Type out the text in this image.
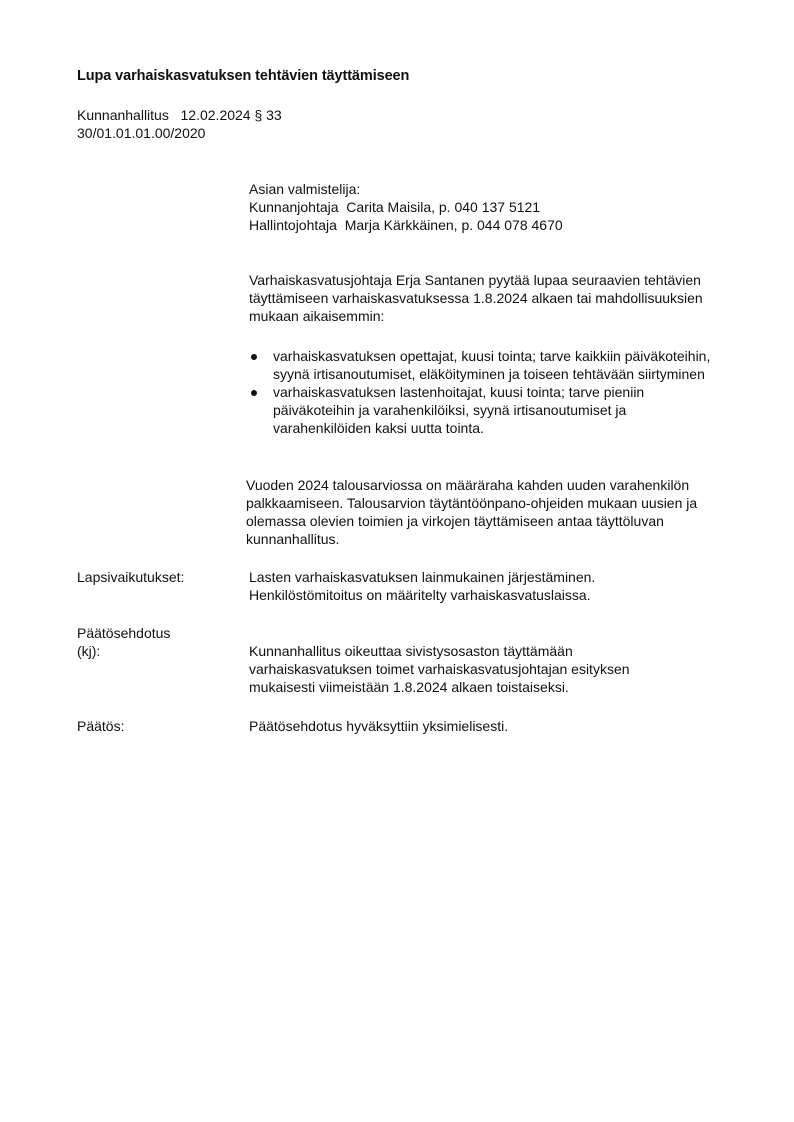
Lupa varhaiskasvatuksen tehtävien täyttämiseen
Kunnanhallitus   12.02.2024 § 33
30/01.01.01.00/2020

Asian valmistelija:

Kunnanjohtaja  Carita Maisila, p. 040 137 5121

Hallintojohtaja  Marja Kärkkäinen, p. 044 078 4670

Varhaiskasvatusjohtaja Erja Santanen pyytää lupaa seuraavien tehtävien täyttämiseen varhaiskasvatuksessa 1.8.2024 alkaen tai mahdollisuuksien mukaan aikaisemmin:

varhaiskasvatuksen opettajat, kuusi tointa; tarve kaikkiin päiväkoteihin, syynä irtisanoutumiset, eläköityminen ja toiseen tehtävään siirtyminen
varhaiskasvatuksen lastenhoitajat, kuusi tointa; tarve pieniin päiväkoteihin ja varahenkilöiksi, syynä irtisanoutumiset ja varahenkilöiden kaksi uutta tointa.

Vuoden 2024 talousarviossa on määräraha kahden uuden varahenkilön palkkaamiseen. Talousarvion täytäntöönpano-ohjeiden mukaan uusien ja olemassa olevien toimien ja virkojen täyttämiseen antaa täyttöluvan kunnanhallitus.

Lapsivaikutukset:	Lasten varhaiskasvatuksen lainmukainen järjestäminen. Henkilöstömitoitus on määritelty varhaiskasvatuslaissa.

Päätösehdotus
(kj):	Kunnanhallitus oikeuttaa sivistysosaston täyttämään varhaiskasvatuksen toimet varhaiskasvatusjohtajan esityksen mukaisesti viimeistään 1.8.2024 alkaen toistaiseksi.

Päätös:	Päätösehdotus hyväksyttiin yksimielisesti.
